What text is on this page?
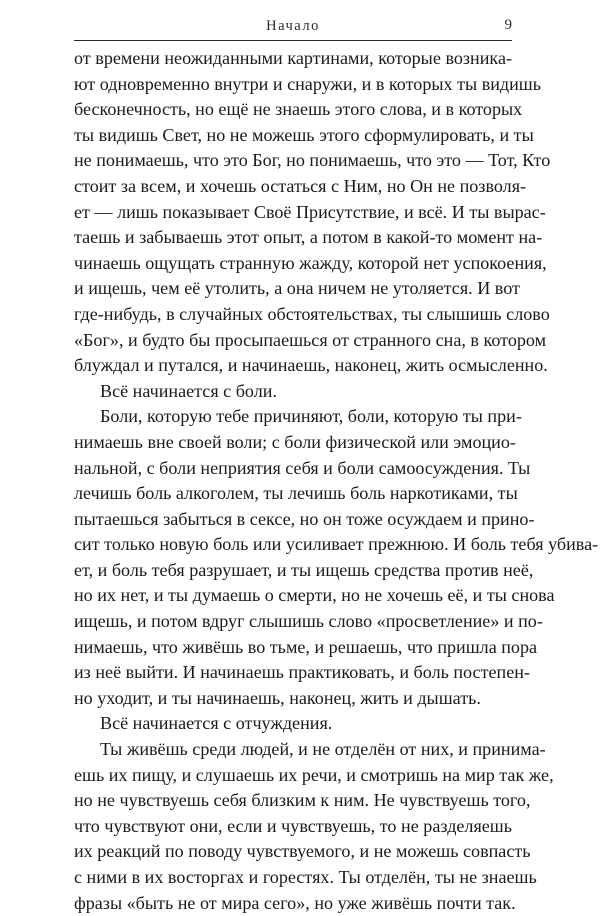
Начало	9
от времени неожиданными картинами, которые возника-
ют одновременно внутри и снаружи, и в которых ты видишь
бесконечность, но ещё не знаешь этого слова, и в которых
ты видишь Свет, но не можешь этого сформулировать, и ты
не понимаешь, что это Бог, но понимаешь, что это — Тот, Кто
стоит за всем, и хочешь остаться с Ним, но Он не позволя-
ет — лишь показывает Своё Присутствие, и всё. И ты вырас-
таешь и забываешь этот опыт, а потом в какой-то момент на-
чинаешь ощущать странную жажду, которой нет успокоения,
и ищешь, чем её утолить, а она ничем не утоляется. И вот
где-нибудь, в случайных обстоятельствах, ты слышишь слово
«Бог», и будто бы просыпаешься от странного сна, в котором
блуждал и путался, и начинаешь, наконец, жить осмысленно.
Всё начинается с боли.
Боли, которую тебе причиняют, боли, которую ты при-
нимаешь вне своей воли; с боли физической или эмоцио-
нальной, с боли неприятия себя и боли самоосуждения. Ты
лечишь боль алкоголем, ты лечишь боль наркотиками, ты
пытаешься забыться в сексе, но он тоже осуждаем и прино-
сит только новую боль или усиливает прежнюю. И боль тебя убива-
ет, и боль тебя разрушает, и ты ищешь средства против неё,
но их нет, и ты думаешь о смерти, но не хочешь её, и ты снова
ищешь, и потом вдруг слышишь слово «просветление» и по-
нимаешь, что живёшь во тьме, и решаешь, что пришла пора
из неё выйти. И начинаешь практиковать, и боль постепен-
но уходит, и ты начинаешь, наконец, жить и дышать.
Всё начинается с отчуждения.
Ты живёшь среди людей, и не отделён от них, и принима-
ешь их пищу, и слушаешь их речи, и смотришь на мир так же,
но не чувствуешь себя близким к ним. Не чувствуешь того,
что чувствуют они, если и чувствуешь, то не разделяешь
их реакций по поводу чувствуемого, и не можешь совпасть
с ними в их восторгах и горестях. Ты отделён, ты не знаешь
фразы «быть не от мира сего», но уже живёшь почти так.
